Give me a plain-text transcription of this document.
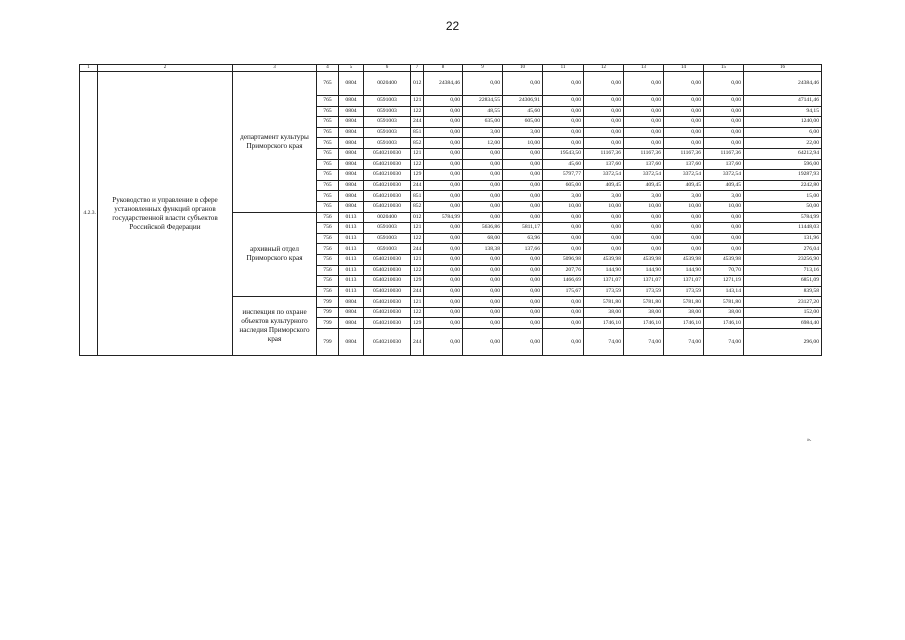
22
1	2	3	4	5	6	7	8	9	10	11	12	13	14	15	16
4.2.3.	Руководство и управление в сфере установленных функций органов государственной власти субъектов Российской Федерации	департамент культуры Приморского края	765	0804	0020400	012	24384,46	0,00	0,00	0,00	0,00	0,00	0,00	0,00	24384,46
			765	0804	0591003	121	0,00	22834,55	24306,91	0,00	0,00	0,00	0,00	0,00	47141,46
			765	0804	0591003	122	0,00	48,55	45,60	0,00	0,00	0,00	0,00	0,00	94,15
			765	0804	0591003	244	0,00	635,00	605,00	0,00	0,00	0,00	0,00	0,00	1240,00
			765	0804	0591003	851	0,00	3,00	3,00	0,00	0,00	0,00	0,00	0,00	6,00
			765	0804	0591003	852	0,00	12,00	10,00	0,00	0,00	0,00	0,00	0,00	22,00
			765	0804	0540210030	121	0,00	0,00	0,00	19543,50	11167,36	11167,36	11167,36	11167,36	64212,94
			765	0804	0540210030	122	0,00	0,00	0,00	45,60	137,60	137,60	137,60	137,60	596,00
			765	0804	0540210030	129	0,00	0,00	0,00	5797,77	3372,54	3372,54	3372,54	3372,54	19287,93
			765	0804	0540210030	244	0,00	0,00	0,00	605,00	409,45	409,45	409,45	409,45	2242,80
			765	0804	0540210030	851	0,00	0,00	0,00	3,00	3,00	3,00	3,00	3,00	15,00
			765	0804	0540210030	852	0,00	0,00	0,00	10,00	10,00	10,00	10,00	10,00	50,00
		архивный отдел Приморского края	756	0113	0020400	012	5784,99	0,00	0,00	0,00	0,00	0,00	0,00	0,00	5784,99
			756	0113	0591003	121	0,00	5636,86	5811,17	0,00	0,00	0,00	0,00	0,00	11448,03
			756	0113	0591003	122	0,00	68,00	63,96	0,00	0,00	0,00	0,00	0,00	131,96
			756	0113	0591003	244	0,00	138,38	137,66	0,00	0,00	0,00	0,00	0,00	276,04
			756	0113	0540210030	121	0,00	0,00	0,00	5096,98	4539,98	4539,98	4539,98	4539,98	23256,90
			756	0113	0540210030	122	0,00	0,00	0,00	207,76	144,90	144,90	144,90	70,70	713,16
			756	0113	0540210030	129	0,00	0,00	0,00	1466,69	1371,07	1371,07	1371,07	1271,19	6851,09
			756	0113	0540210030	244	0,00	0,00	0,00	175,67	173,59	173,59	173,59	143,14	839,58
		инспекция по охране объектов культурного наследия Приморского края	799	0804	0540210030	121	0,00	0,00	0,00	0,00	5781,80	5781,80	5781,80	5781,80	23127,20
			799	0804	0540210030	122	0,00	0,00	0,00	0,00	38,00	38,00	38,00	38,00	152,00
			799	0804	0540210030	129	0,00	0,00	0,00	0,00	1746,10	1746,10	1746,10	1746,10	6984,40
			799	0804	0540210030	244	0,00	0,00	0,00	0,00	74,00	74,00	74,00	74,00	296,00
».
